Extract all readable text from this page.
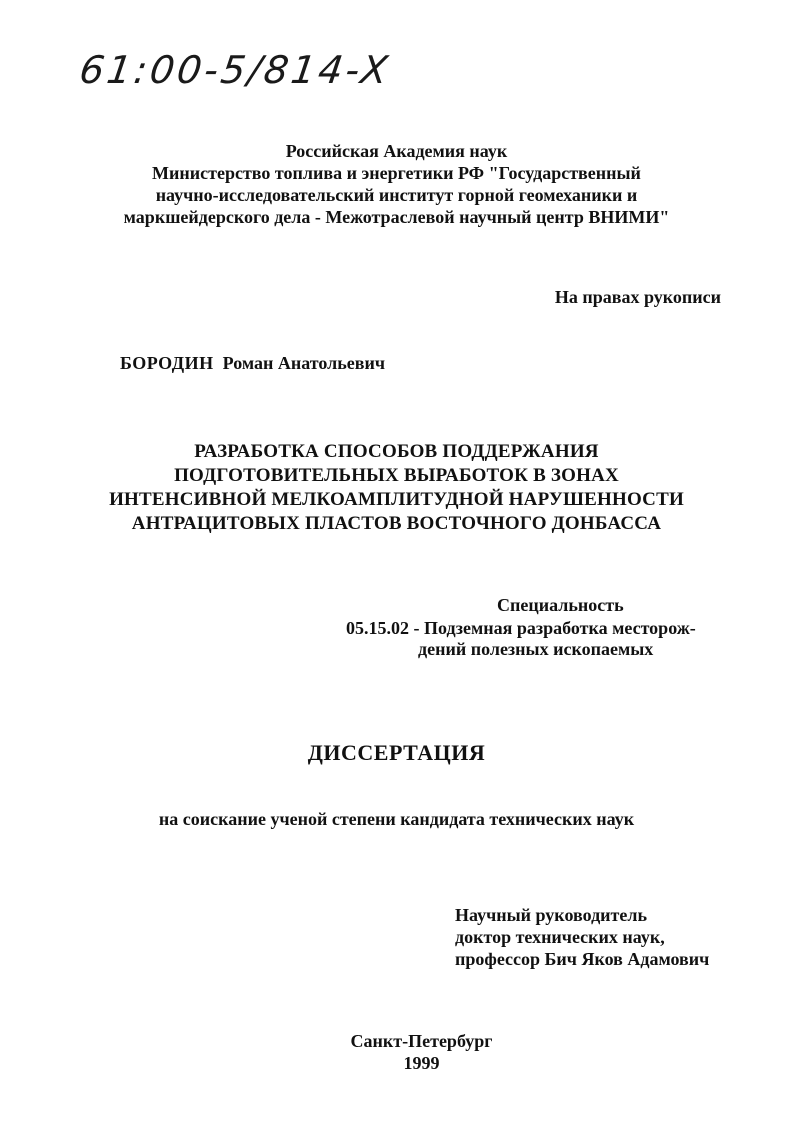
61:00-5/814-X
Российская Академия наук
Министерство топлива и энергетики РФ "Государственный
научно-исследовательский институт горной геомеханики и
маркшейдерского дела - Межотраслевой научный центр ВНИМИ"
На правах рукописи
БОРОДИН Роман Анатольевич
РАЗРАБОТКА СПОСОБОВ ПОДДЕРЖАНИЯ
ПОДГОТОВИТЕЛЬНЫХ ВЫРАБОТОК В ЗОНАХ
ИНТЕНСИВНОЙ МЕЛКОАМПЛИТУДНОЙ НАРУШЕННОСТИ
АНТРАЦИТОВЫХ ПЛАСТОВ ВОСТОЧНОГО ДОНБАССА
Специальность
05.15.02 - Подземная разработка месторож-
дений полезных ископаемых
ДИССЕРТАЦИЯ
на соискание ученой степени кандидата технических наук
Научный руководитель
доктор технических наук,
профессор Бич Яков Адамович
Санкт-Петербург
1999
